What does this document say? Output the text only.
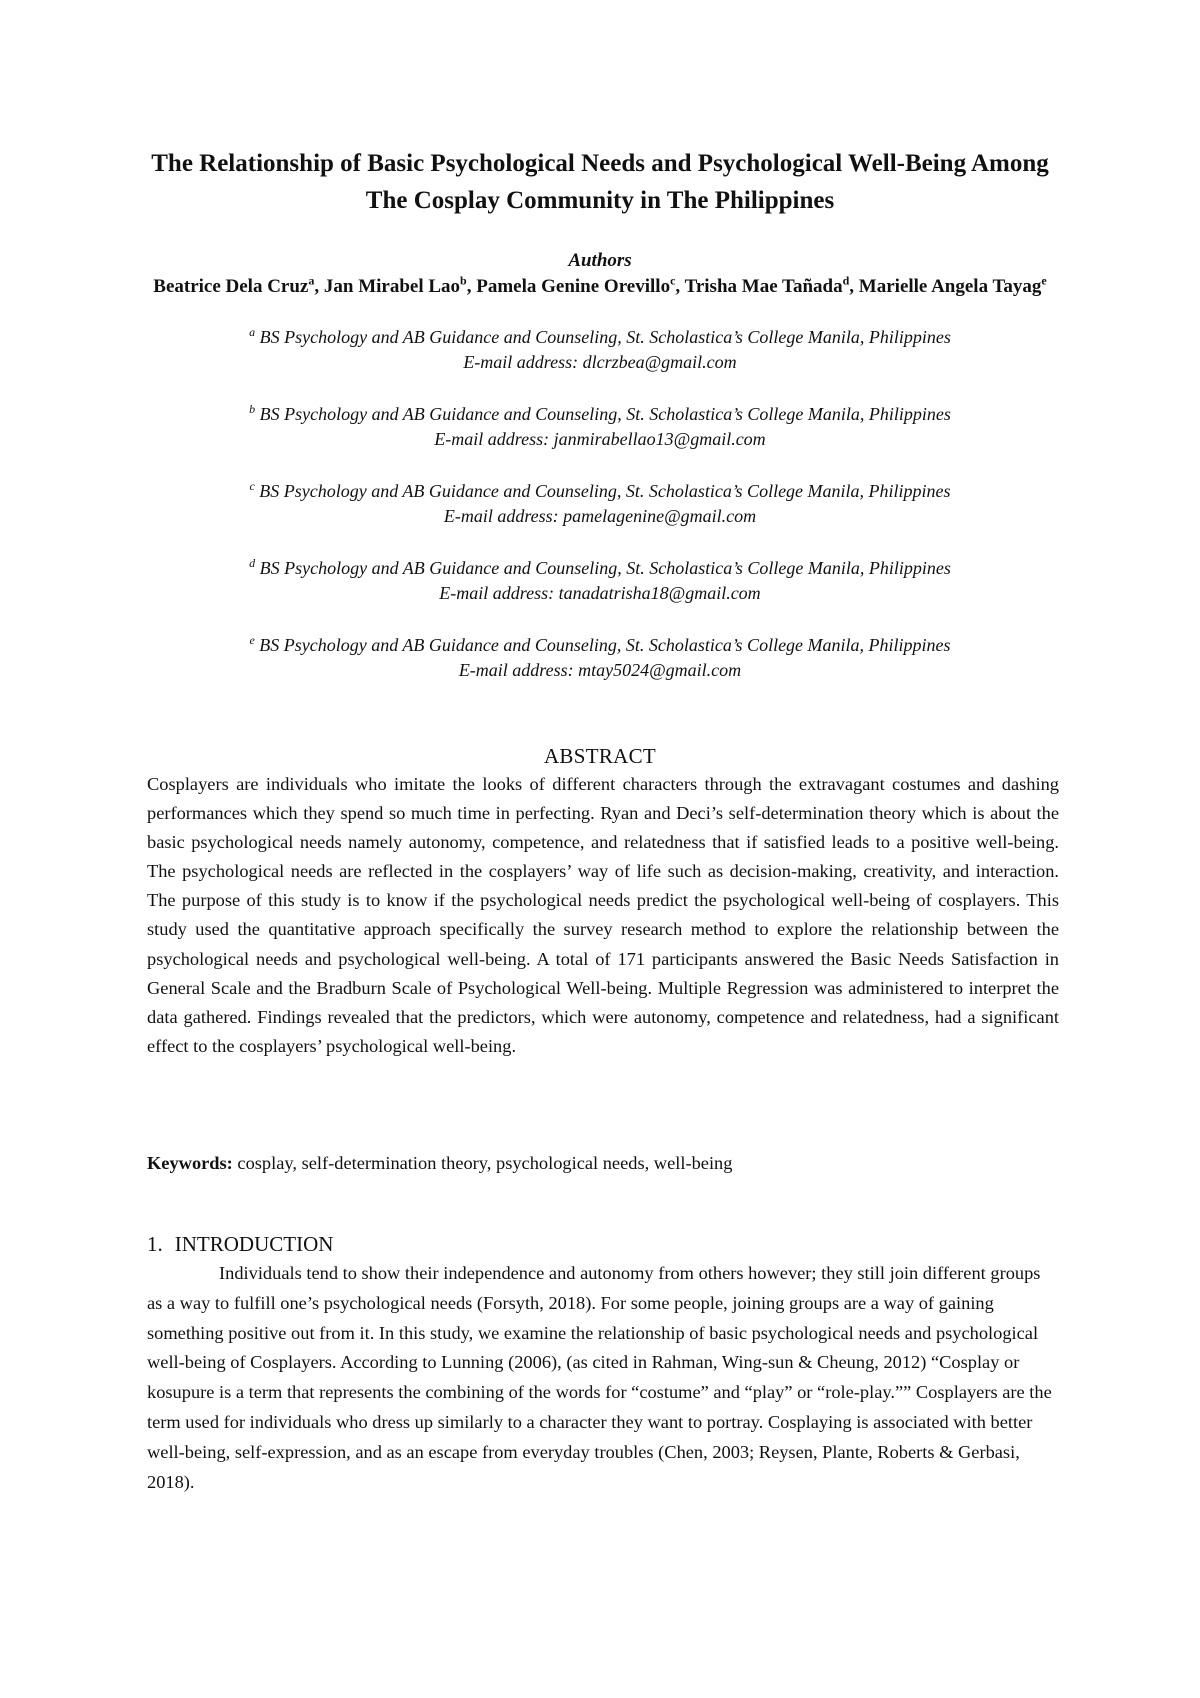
The Relationship of Basic Psychological Needs and Psychological Well-Being Among The Cosplay Community in The Philippines
Authors
Beatrice Dela Cruz$^a$, Jan Mirabel Lao$^b$, Pamela Genine Orevillo$^c$, Trisha Mae Tañada$^d$, Marielle Angela Tayag$^e$
$^a$ BS Psychology and AB Guidance and Counseling, St. Scholastica’s College Manila, Philippines
E-mail address: dlcrzbea@gmail.com
$^b$ BS Psychology and AB Guidance and Counseling, St. Scholastica’s College Manila, Philippines
E-mail address: janmirabellao13@gmail.com
$^c$ BS Psychology and AB Guidance and Counseling, St. Scholastica’s College Manila, Philippines
E-mail address: pamelagenine@gmail.com
$^d$ BS Psychology and AB Guidance and Counseling, St. Scholastica’s College Manila, Philippines
E-mail address: tanadatrisha18@gmail.com
$^e$ BS Psychology and AB Guidance and Counseling, St. Scholastica’s College Manila, Philippines
E-mail address: mtay5024@gmail.com
ABSTRACT
Cosplayers are individuals who imitate the looks of different characters through the extravagant costumes and dashing performances which they spend so much time in perfecting. Ryan and Deci’s self-determination theory which is about the basic psychological needs namely autonomy, competence, and relatedness that if satisfied leads to a positive well-being. The psychological needs are reflected in the cosplayers’ way of life such as decision-making, creativity, and interaction. The purpose of this study is to know if the psychological needs predict the psychological well-being of cosplayers. This study used the quantitative approach specifically the survey research method to explore the relationship between the psychological needs and psychological well-being. A total of 171 participants answered the Basic Needs Satisfaction in General Scale and the Bradburn Scale of Psychological Well-being. Multiple Regression was administered to interpret the data gathered. Findings revealed that the predictors, which were autonomy, competence and relatedness, had a significant effect to the cosplayers’ psychological well-being.
Keywords: cosplay, self-determination theory, psychological needs, well-being
1. INTRODUCTION
Individuals tend to show their independence and autonomy from others however; they still join different groups as a way to fulfill one’s psychological needs (Forsyth, 2018). For some people, joining groups are a way of gaining something positive out from it. In this study, we examine the relationship of basic psychological needs and psychological well-being of Cosplayers. According to Lunning (2006), (as cited in Rahman, Wing-sun & Cheung, 2012) “Cosplay or kosupure is a term that represents the combining of the words for “costume” and “play” or “role-play.”” Cosplayers are the term used for individuals who dress up similarly to a character they want to portray. Cosplaying is associated with better well-being, self-expression, and as an escape from everyday troubles (Chen, 2003; Reysen, Plante, Roberts & Gerbasi, 2018).
